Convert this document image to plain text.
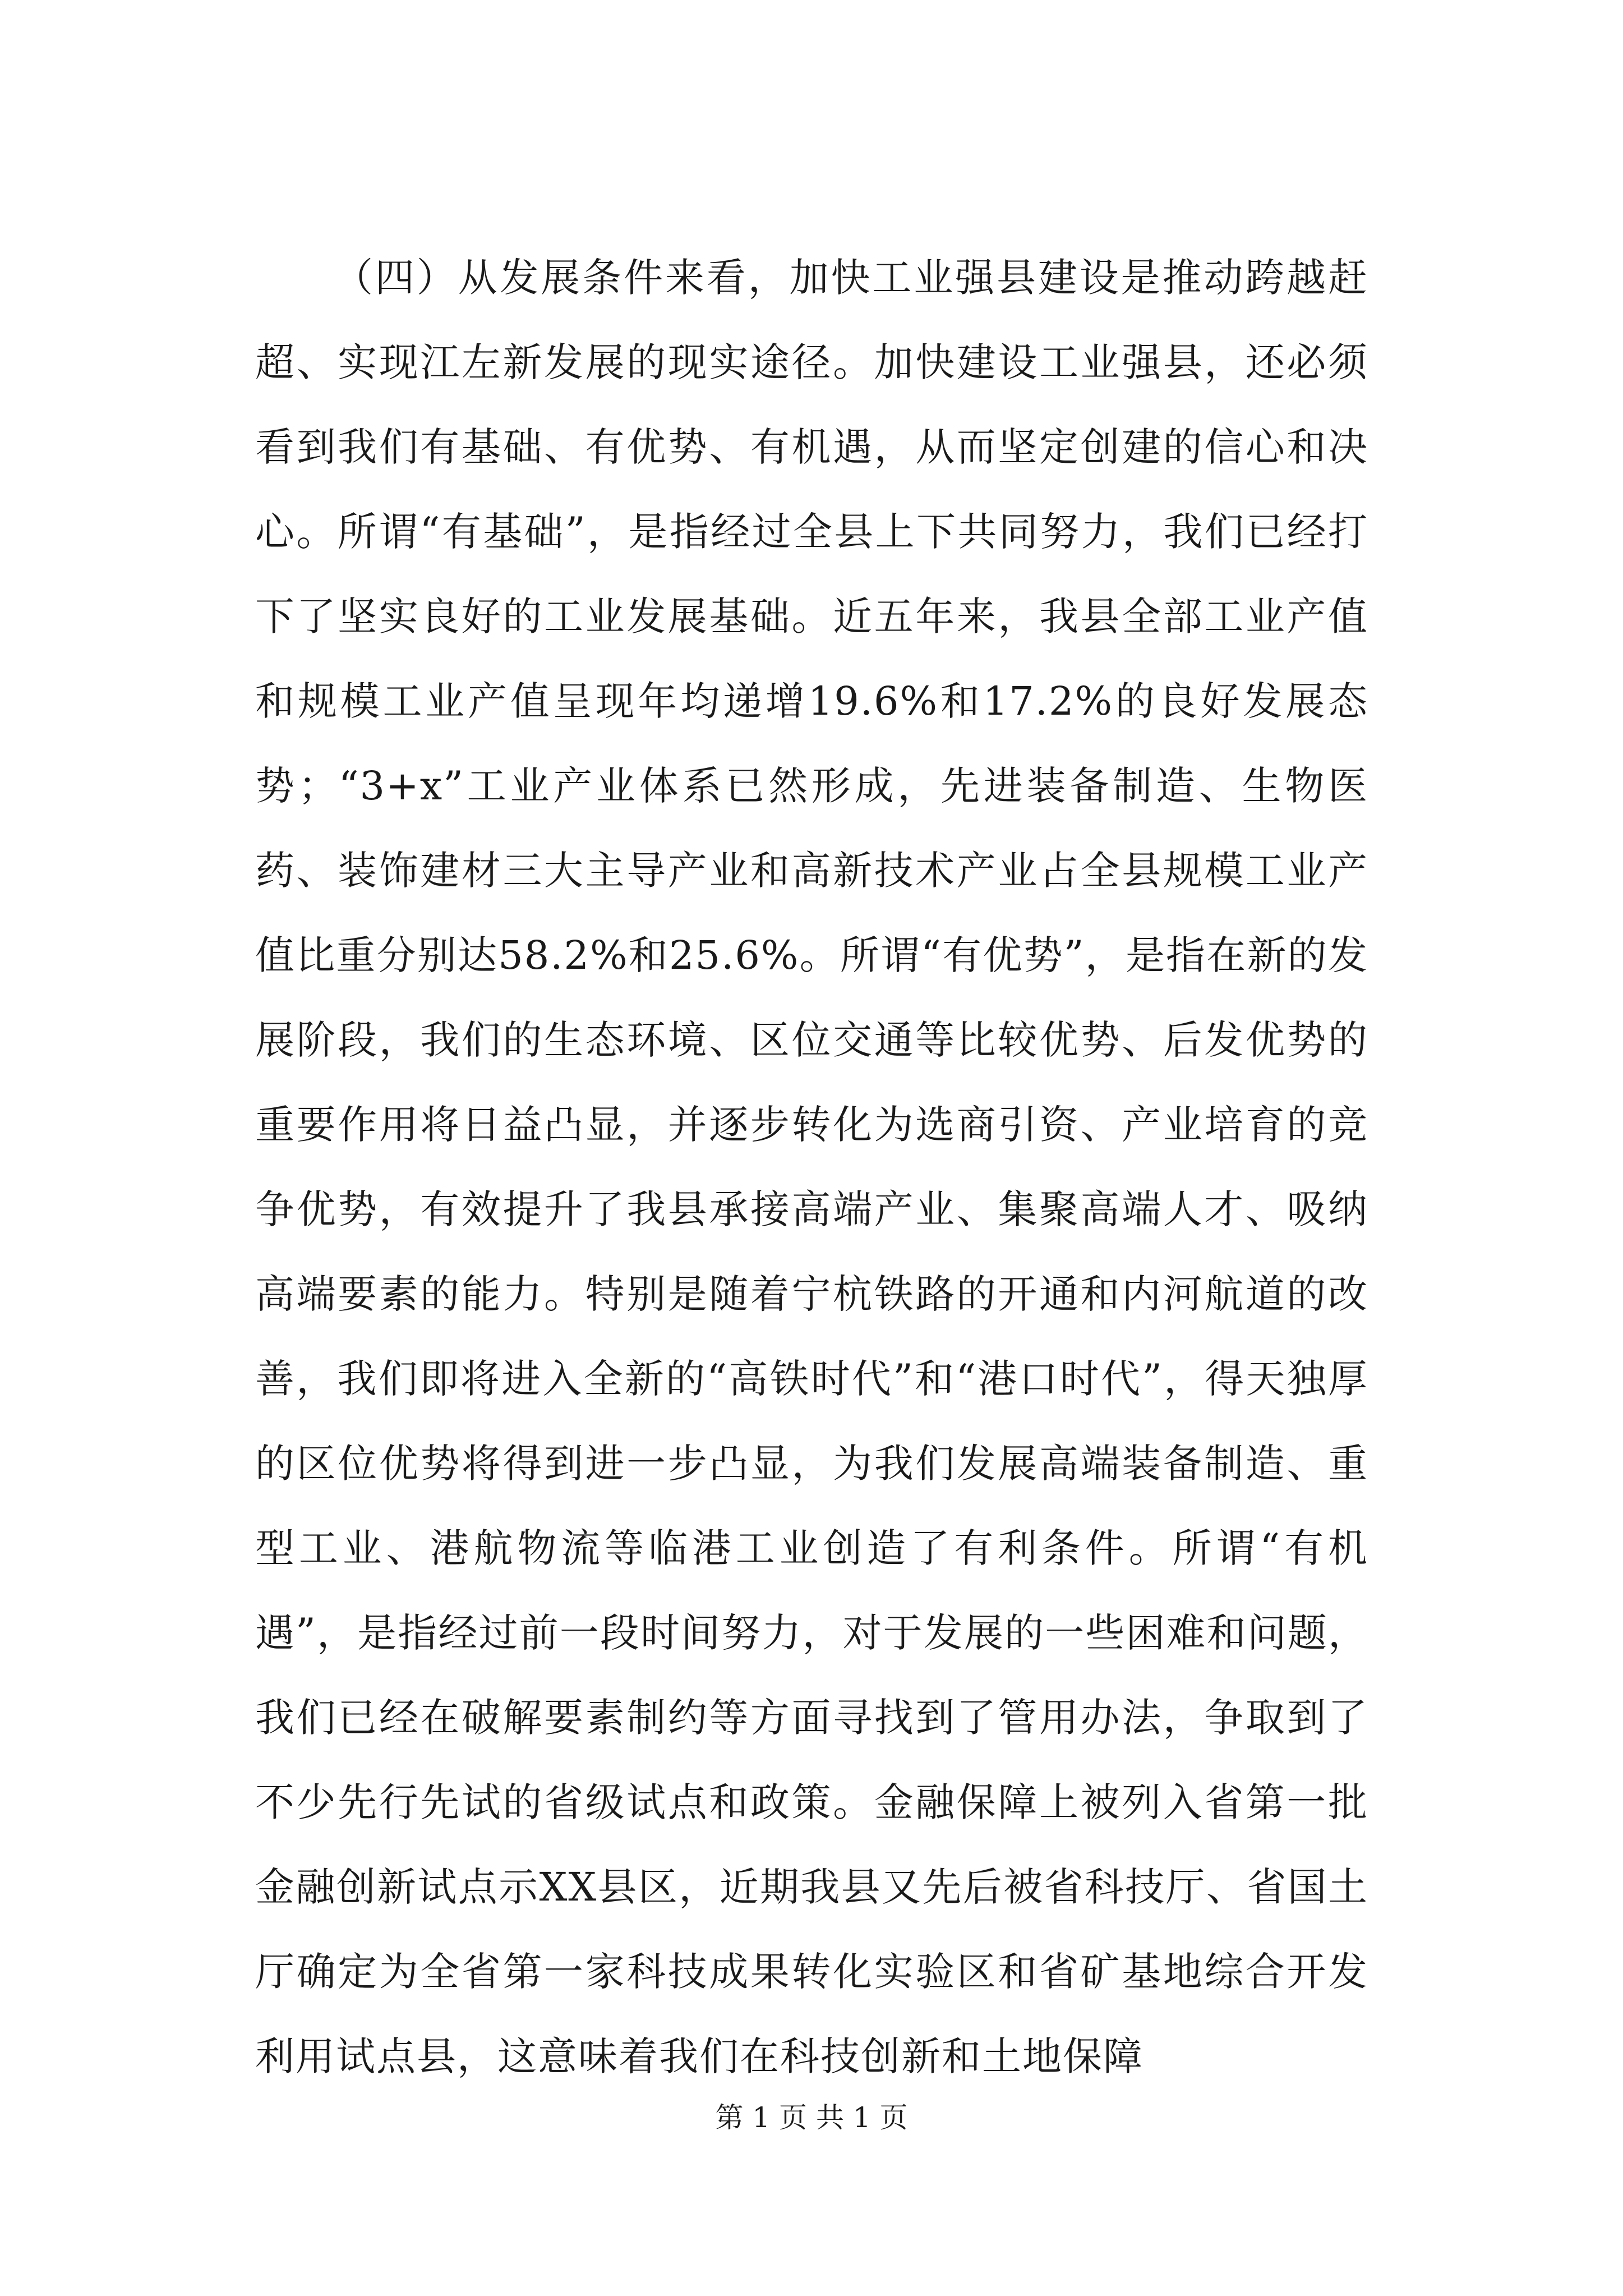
（四）从发展条件来看，加快工业强县建设是推动跨越赶超、实现江左新发展的现实途径。加快建设工业强县，还必须看到我们有基础、有优势、有机遇，从而坚定创建的信心和决心。所谓“有基础”，是指经过全县上下共同努力，我们已经打下了坚实良好的工业发展基础。近五年来，我县全部工业产值和规模工业产值呈现年均递增19.6%和17.2%的良好发展态势；“3+x”工业产业体系已然形成，先进装备制造、生物医药、装饰建材三大主导产业和高新技术产业占全县规模工业产值比重分别达58.2%和25.6%。所谓“有优势”，是指在新的发展阶段，我们的生态环境、区位交通等比较优势、后发优势的重要作用将日益凸显，并逐步转化为选商引资、产业培育的竞争优势，有效提升了我县承接高端产业、集聚高端人才、吸纳高端要素的能力。特别是随着宁杭铁路的开通和内河航道的改善，我们即将进入全新的“高铁时代”和“港口时代”，得天独厚的区位优势将得到进一步凸显，为我们发展高端装备制造、重型工业、港航物流等临港工业创造了有利条件。所谓“有机遇”，是指经过前一段时间努力，对于发展的一些困难和问题，我们已经在破解要素制约等方面寻找到了管用办法，争取到了不少先行先试的省级试点和政策。金融保障上被列入省第一批金融创新试点示XX县区，近期我县又先后被省科技厅、省国土厅确定为全省第一家科技成果转化实验区和省矿基地综合开发利用试点县，这意味着我们在科技创新和土地保障

第 1 页 共 1 页
